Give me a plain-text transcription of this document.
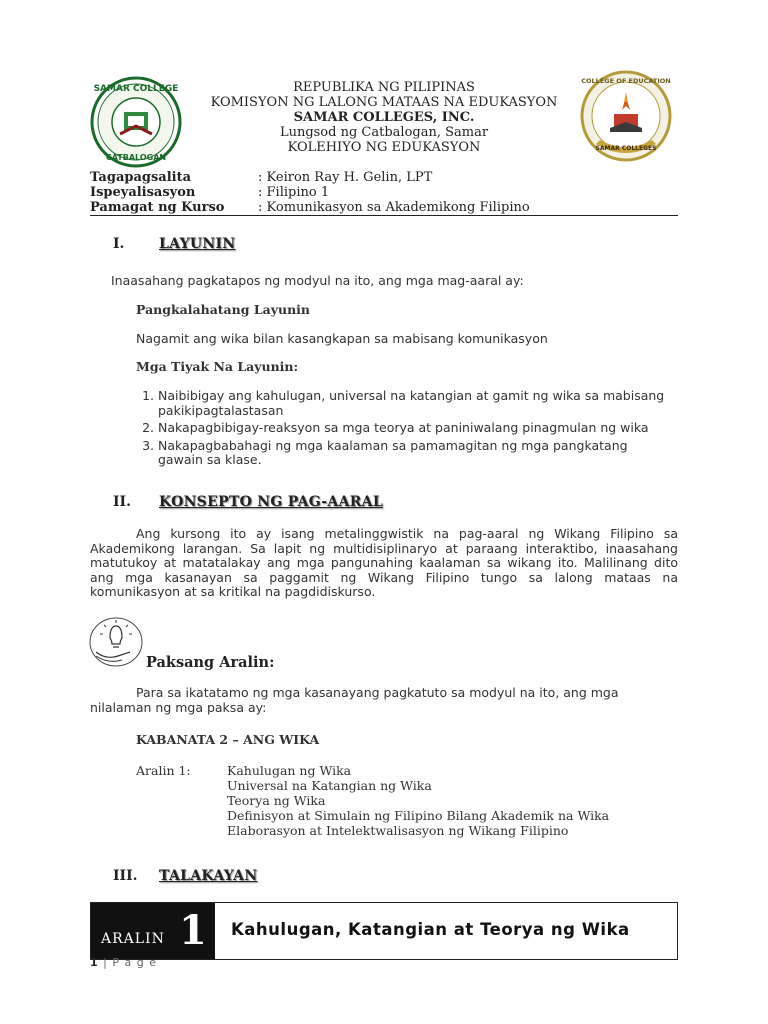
SAMAR COLLEGE
CATBALOGAN
COLLEGE OF EDUCATION
SAMAR COLLEGES
REPUBLIKA NG PILIPINAS
KOMISYON NG LALONG MATAAS NA EDUKASYON
SAMAR COLLEGES, INC.
Lungsod ng Catbalogan, Samar
KOLEHIYO NG EDUKASYON
Tagapagsalita	: Keiron Ray H. Gelin, LPT
Ispeyalisasyon	: Filipino 1
Pamagat ng Kurso	: Komunikasyon sa Akademikong Filipino
I. LAYUNIN
Inaasahang pagkatapos ng modyul na ito, ang mga mag-aaral ay:
Pangkalahatang Layunin
Nagamit ang wika bilan kasangkapan sa mabisang komunikasyon
Mga Tiyak Na Layunin:
1. Naibibigay ang kahulugan, universal na katangian at gamit ng wika sa mabisang pakikipagtalastasan
2. Nakapagbibigay-reaksyon sa mga teorya at paniniwalang pinagmulan ng wika
3. Nakapagbabahagi ng mga kaalaman sa pamamagitan ng mga pangkatang gawain sa klase.
II. KONSEPTO NG PAG-AARAL
Ang kursong ito ay isang metalinggwistik na pag-aaral ng Wikang Filipino sa Akademikong larangan. Sa lapit ng multidisiplinaryo at paraang interaktibo, inaasahang matutukoy at matatalakay ang mga pangunahing kaalaman sa wikang ito. Malilinang dito ang mga kasanayan sa paggamit ng Wikang Filipino tungo sa lalong mataas na komunikasyon at sa kritikal na pagdidiskurso.
Paksang Aralin:
Para sa ikatatamo ng mga kasanayang pagkatuto sa modyul na ito, ang mga nilalaman ng mga paksa ay:
KABANATA 2 – ANG WIKA
Aralin 1:	Kahulugan ng Wika
Universal na Katangian ng Wika
Teorya ng Wika
Definisyon at Simulain ng Filipino Bilang Akademik na Wika
Elaborasyon at Intelektwalisasyon ng Wikang Filipino
III. TALAKAYAN
ARALIN 1 Kahulugan, Katangian at Teorya ng Wika
1 | P a g e
